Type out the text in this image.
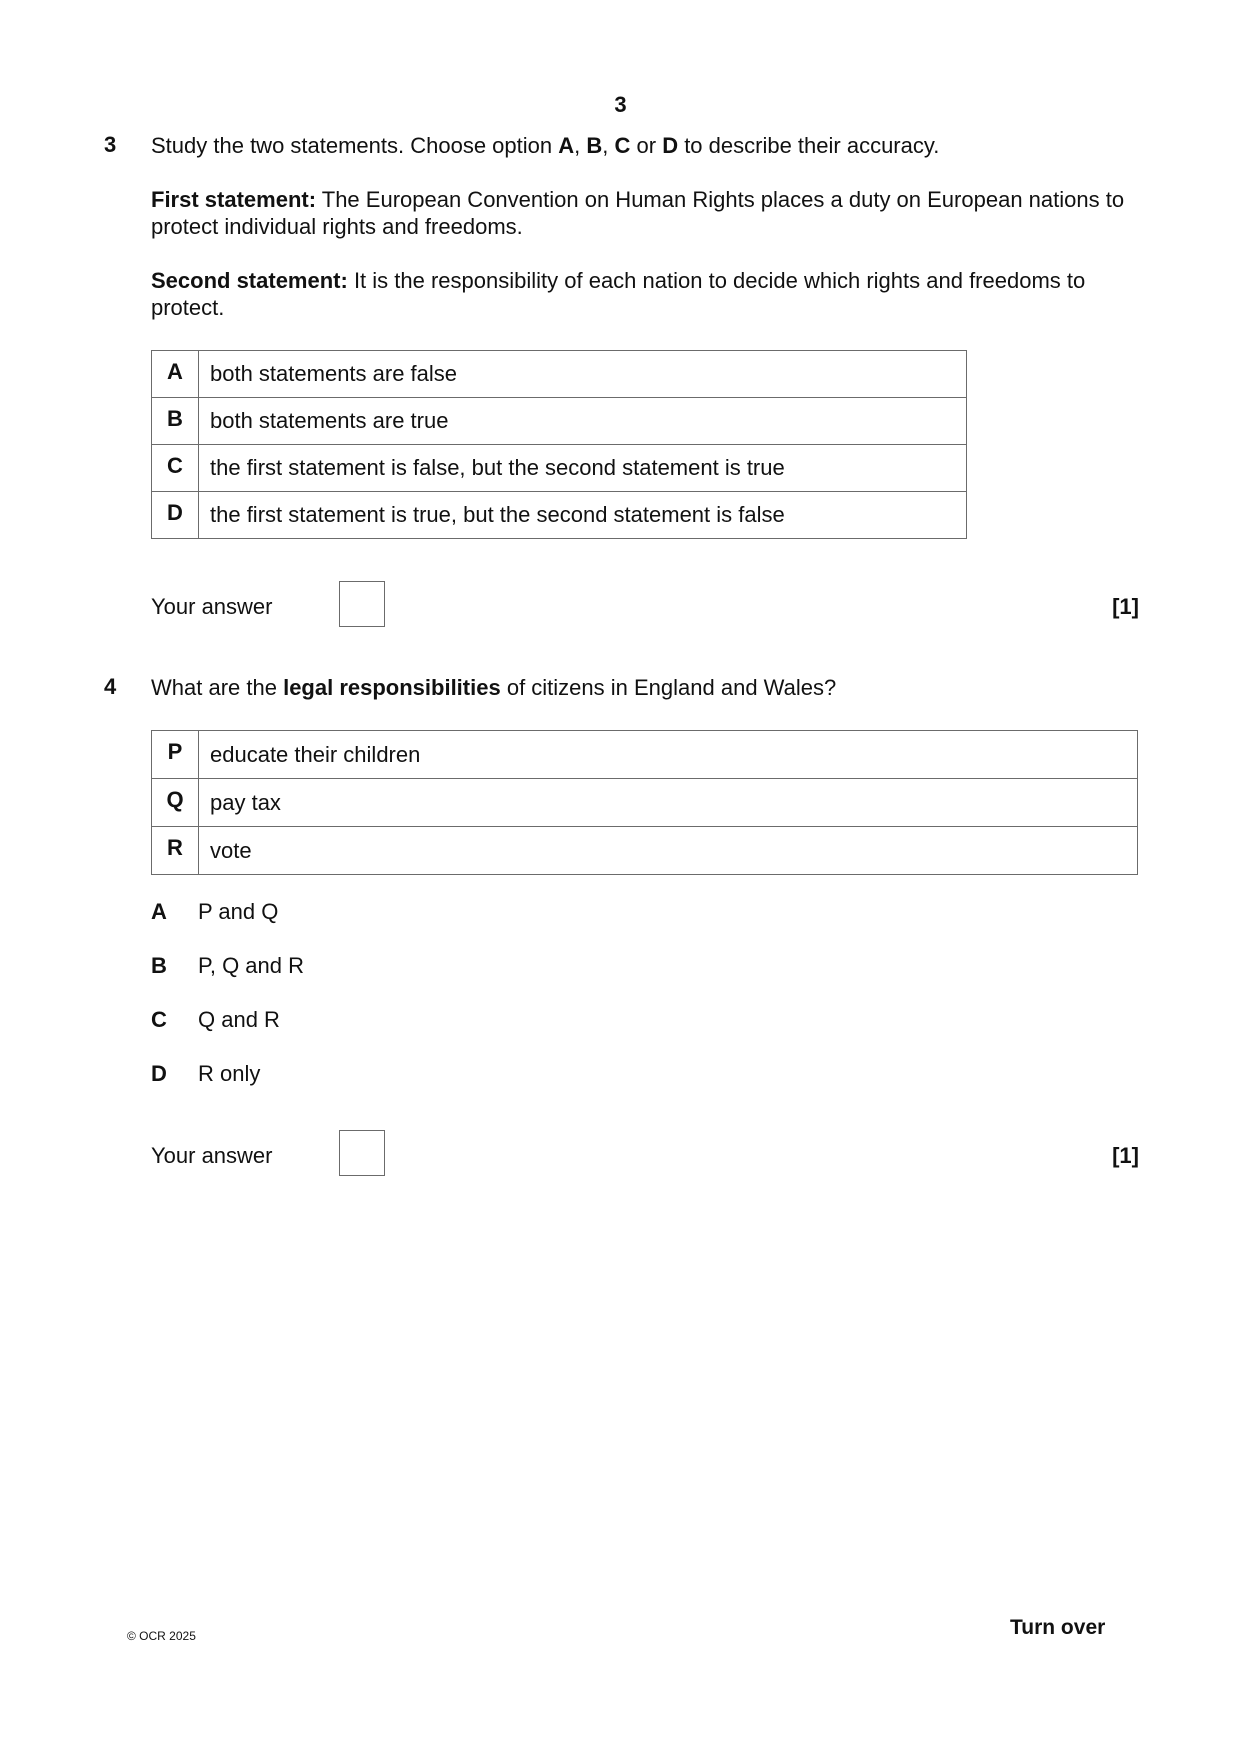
3
3 Study the two statements. Choose option A, B, C or D to describe their accuracy.
First statement: The European Convention on Human Rights places a duty on European nations to protect individual rights and freedoms.
Second statement: It is the responsibility of each nation to decide which rights and freedoms to protect.
A	both statements are false
B	both statements are true
C	the first statement is false, but the second statement is true
D	the first statement is true, but the second statement is false
Your answer	[1]
4 What are the legal responsibilities of citizens in England and Wales?
P	educate their children
Q	pay tax
R	vote
A P and Q
B P, Q and R
C Q and R
D R only
Your answer	[1]
© OCR 2025	Turn over
